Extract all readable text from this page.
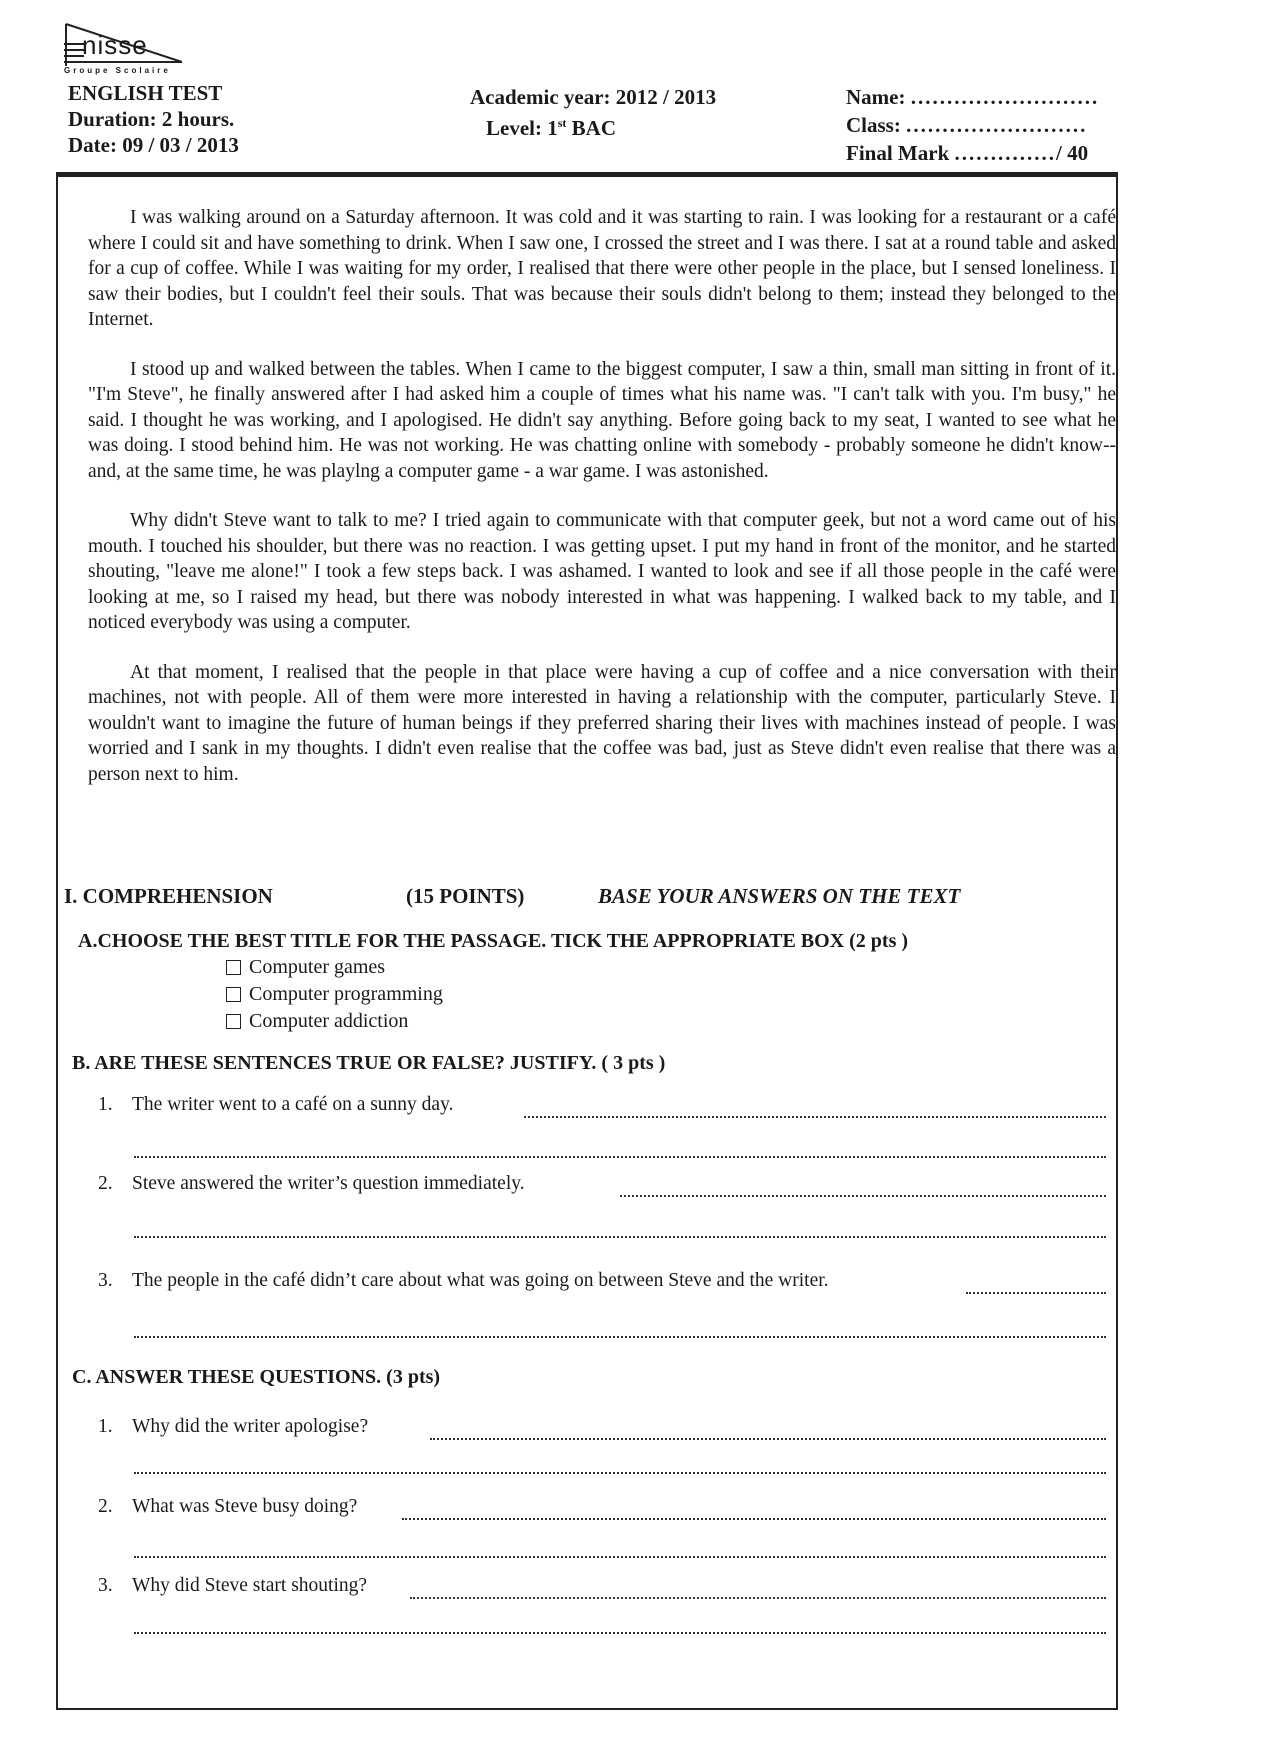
nisse
Groupe Scolaire
ENGLISH TEST
Duration: 2 hours.
Date: 09 / 03 / 2013
Academic year: 2012 / 2013
Level: 1st BAC
Name: ..........................
Class: .........................
Final Mark ............../ 40

I was walking around on a Saturday afternoon. It was cold and it was starting to rain. I was looking for a restaurant or a café where I could sit and have something to drink. When I saw one, I crossed the street and I was there. I sat at a round table and asked for a cup of coffee. While I was waiting for my order, I realised that there were other people in the place, but I sensed loneliness. I saw their bodies, but I couldn't feel their souls. That was because their souls didn't belong to them; instead they belonged to the Internet.

I stood up and walked between the tables. When I came to the biggest computer, I saw a thin, small man sitting in front of it. "I'm Steve", he finally answered after I had asked him a couple of times what his name was. "I can't talk with you. I'm busy," he said. I thought he was working, and I apologised. He didn't say anything. Before going back to my seat, I wanted to see what he was doing. I stood behind him. He was not working. He was chatting online with somebody - probably someone he didn't know--and, at the same time, he was playlng a computer game - a war game. I was astonished.

Why didn't Steve want to talk to me? I tried again to communicate with that computer geek, but not a word came out of his mouth. I touched his shoulder, but there was no reaction. I was getting upset. I put my hand in front of the monitor, and he started shouting, "leave me alone!" I took a few steps back. I was ashamed. I wanted to look and see if all those people in the café were looking at me, so I raised my head, but there was nobody interested in what was happening. I walked back to my table, and I noticed everybody was using a computer.

At that moment, I realised that the people in that place were having a cup of coffee and a nice conversation with their machines, not with people. All of them were more interested in having a relationship with the computer, particularly Steve. I wouldn't want to imagine the future of human beings if they preferred sharing their lives with machines instead of people. I was worried and I sank in my thoughts. I didn't even realise that the coffee was bad, just as Steve didn't even realise that there was a person next to him.

I. COMPREHENSION	(15 POINTS)	BASE YOUR ANSWERS ON THE TEXT
A.CHOOSE THE BEST TITLE FOR THE PASSAGE. TICK THE APPROPRIATE BOX (2 pts )
Computer games
Computer programming
Computer addiction
B. ARE THESE SENTENCES TRUE OR FALSE? JUSTIFY. ( 3 pts )
1. The writer went to a café on a sunny day.
2. Steve answered the writer’s question immediately.
3. The people in the café didn’t care about what was going on between Steve and the writer.
C. ANSWER THESE QUESTIONS. (3 pts)
1. Why did the writer apologise?
2. What was Steve busy doing?
3. Why did Steve start shouting?
